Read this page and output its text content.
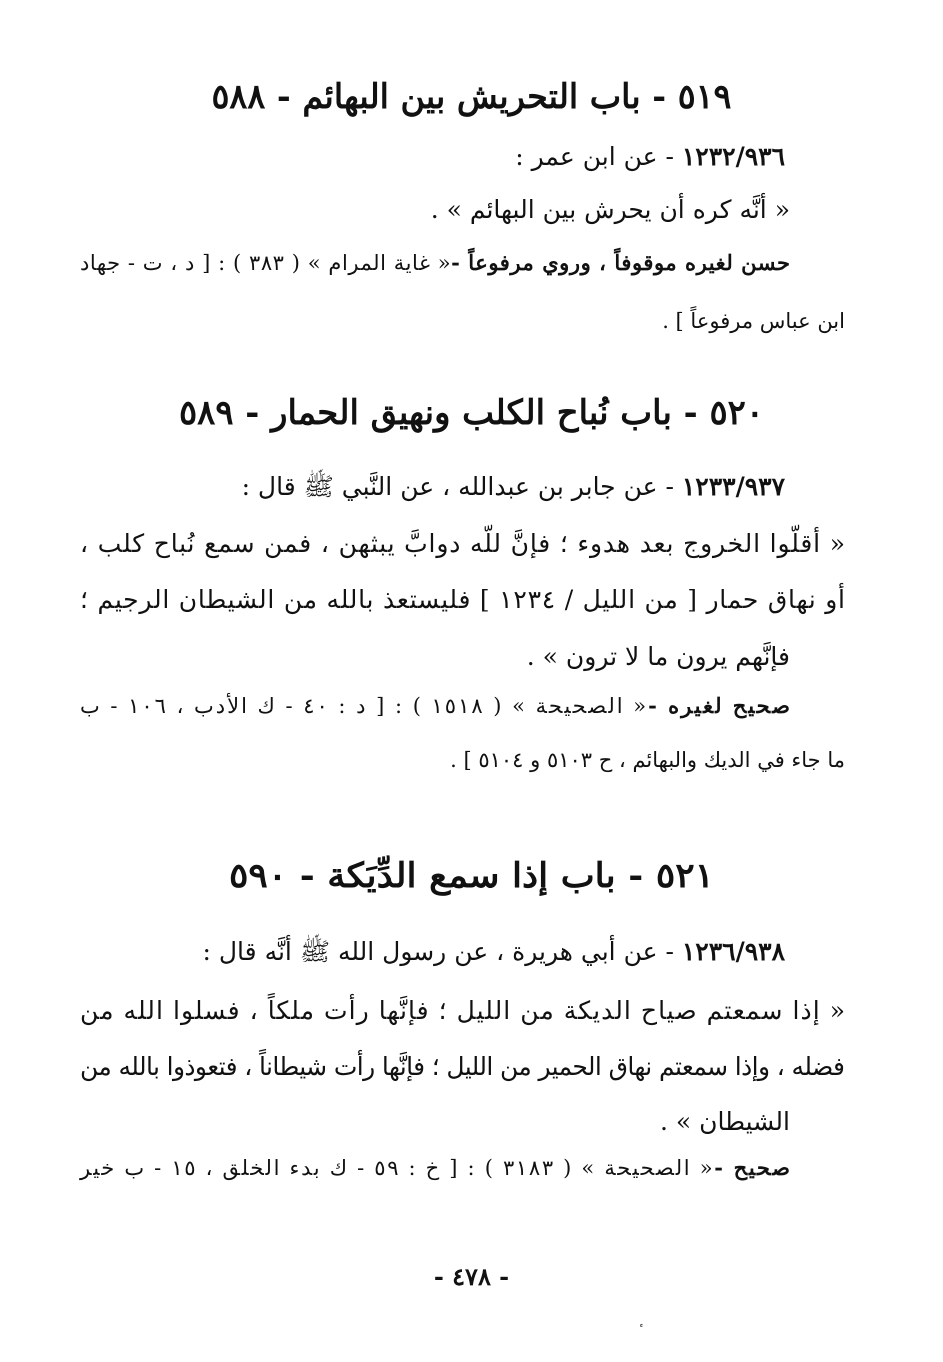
٥١٩ - باب التحريش بين البهائم - ٥٨٨
١٢٣٢/٩٣٦ - عن ابن عمر :
« أنَّه كره أن يحرش بين البهائم » .
حسن لغيره موقوفاً ، وروي مرفوعاً -« غاية المرام » ( ٣٨٣ ) : [ د ، ت - جهاد
ابن عباس مرفوعاً ] .
٥٢٠ - باب نُباح الكلب ونهيق الحمار - ٥٨٩
١٢٣٣/٩٣٧ - عن جابر بن عبدالله ، عن النَّبي ﷺ قال :
« أقلّوا الخروج بعد هدوء ؛ فإنَّ للّه دوابَّ يبثهن ، فمن سمع نُباح كلب ،
أو نهاق حمار [ من الليل / ١٢٣٤ ] فليستعذ بالله من الشيطان الرجيم ؛
فإنَّهم يرون ما لا ترون » .
صحيح لغيره -« الصحيحة » ( ١٥١٨ ) : [ د : ٤٠ - ك الأدب ، ١٠٦ - ب
ما جاء في الديك والبهائم ، ح ٥١٠٣ و ٥١٠٤ ] .
٥٢١ - باب إذا سمع الدِّيَكة - ٥٩٠
١٢٣٦/٩٣٨ - عن أبي هريرة ، عن رسول الله ﷺ أنَّه قال :
« إذا سمعتم صياح الديكة من الليل ؛ فإنَّها رأت ملكاً ، فسلوا الله من
فضله ، وإذا سمعتم نهاق الحمير من الليل ؛ فإنَّها رأت شيطاناً ، فتعوذوا بالله من
الشيطان » .
صحيح -« الصحيحة » ( ٣١٨٣ ) : [ خ : ٥٩ - ك بدء الخلق ، ١٥ - ب خير
- ٤٧٨ -
